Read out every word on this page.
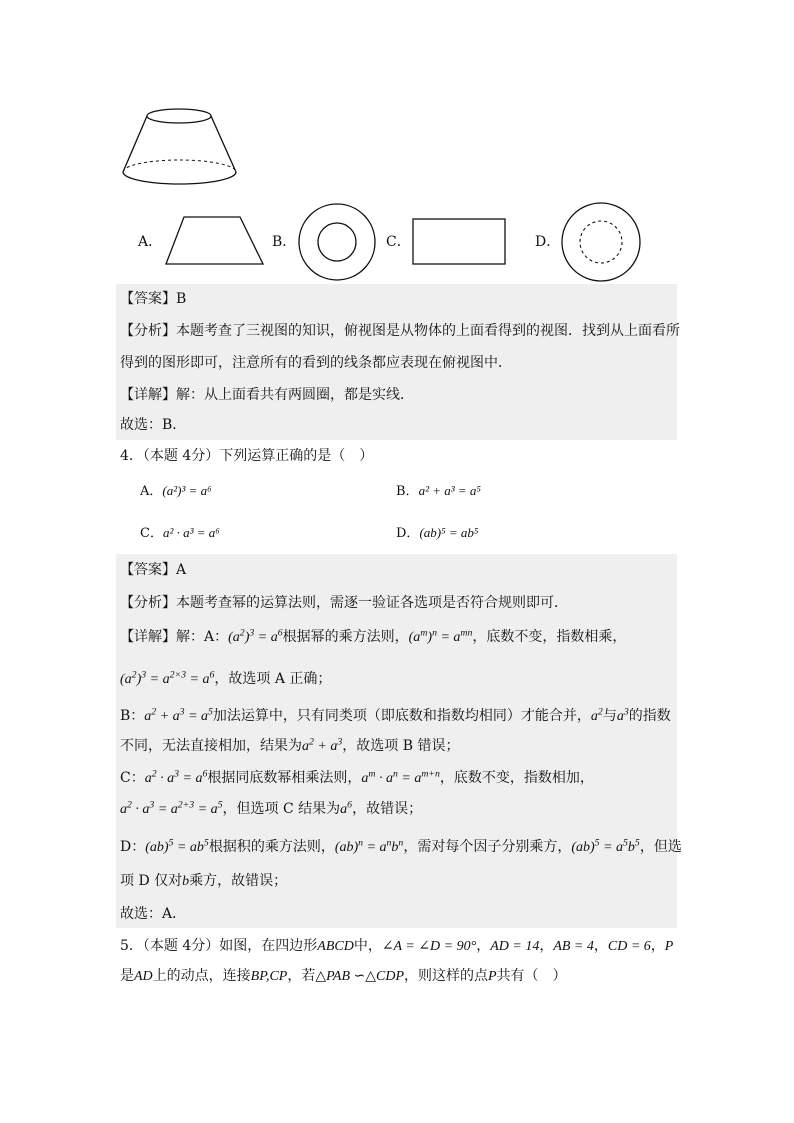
A．	B．	C．	D．
【答案】B
【分析】本题考查了三视图的知识，俯视图是从物体的上面看得到的视图．找到从上面看所
得到的图形即可，注意所有的看到的线条都应表现在俯视图中．
【详解】解：从上面看共有两圆圈，都是实线．
故选：B．
4．（本题 4分）下列运算正确的是（　）
A．(a²)³ = a⁶	B．a² + a³ = a⁵
C．a² · a³ = a⁶	D．(ab)⁵ = ab⁵
【答案】A
【分析】本题考查幂的运算法则，需逐一验证各选项是否符合规则即可．
【详解】解：A：$(a^2)^3 = a^6$根据幂的乘方法则，$(a^m)^n = a^{mn}$，底数不变，指数相乘，
$(a^2)^3 = a^{2\times 3} = a^6$，故选项 A 正确；
B：$a^2 + a^3 = a^5$加法运算中，只有同类项（即底数和指数均相同）才能合并，$a^2$与$a^3$的指数
不同，无法直接相加，结果为$a^2 + a^3$，故选项 B 错误；
C：$a^2 \cdot a^3 = a^6$根据同底数幂相乘法则，$a^m \cdot a^n = a^{m+n}$，底数不变，指数相加，
$a^2 \cdot a^3 = a^{2+3} = a^5$，但选项 C 结果为$a^6$，故错误；
D：$(ab)^5 = ab^5$根据积的乘方法则，$(ab)^n = a^nb^n$，需对每个因子分别乘方，$(ab)^5 = a^5b^5$，但选
项 D 仅对b乘方，故错误；
故选：A．
5．（本题 4分）如图，在四边形ABCD中，∠A = ∠D = 90°，AD = 14，AB = 4，CD = 6，P
是AD上的动点，连接BP,CP，若△PAB ∽△CDP，则这样的点P共有（　）
